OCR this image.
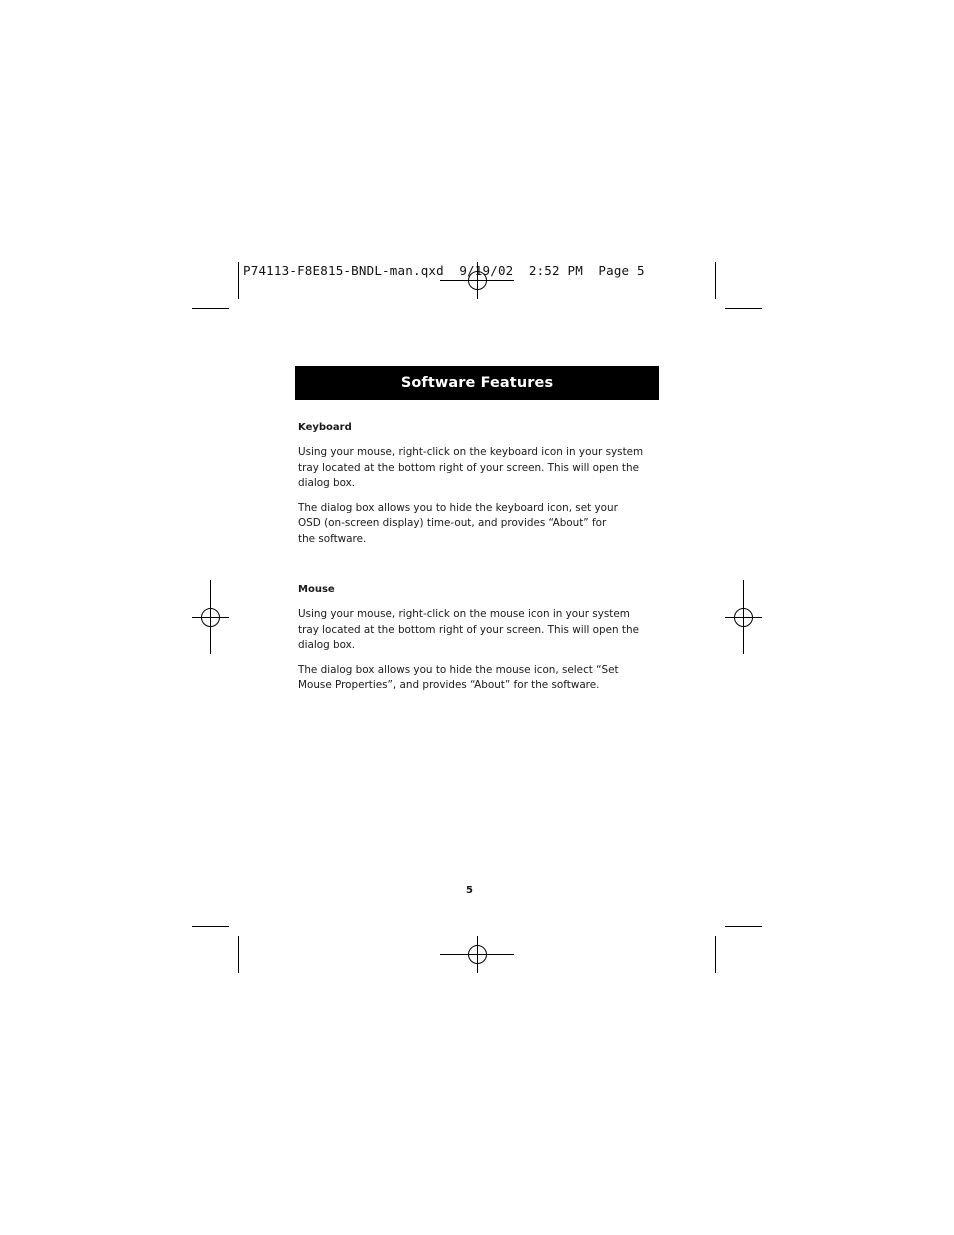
P74113-F8E815-BNDL-man.qxd  9/19/02  2:52 PM  Page 5
Software Features
Keyboard

Using your mouse, right-click on the keyboard icon in your system
tray located at the bottom right of your screen. This will open the
dialog box.

The dialog box allows you to hide the keyboard icon, set your
OSD (on-screen display) time-out, and provides “About” for
the software.

Mouse

Using your mouse, right-click on the mouse icon in your system
tray located at the bottom right of your screen. This will open the
dialog box.

The dialog box allows you to hide the mouse icon, select “Set
Mouse Properties”, and provides “About” for the software.

5
